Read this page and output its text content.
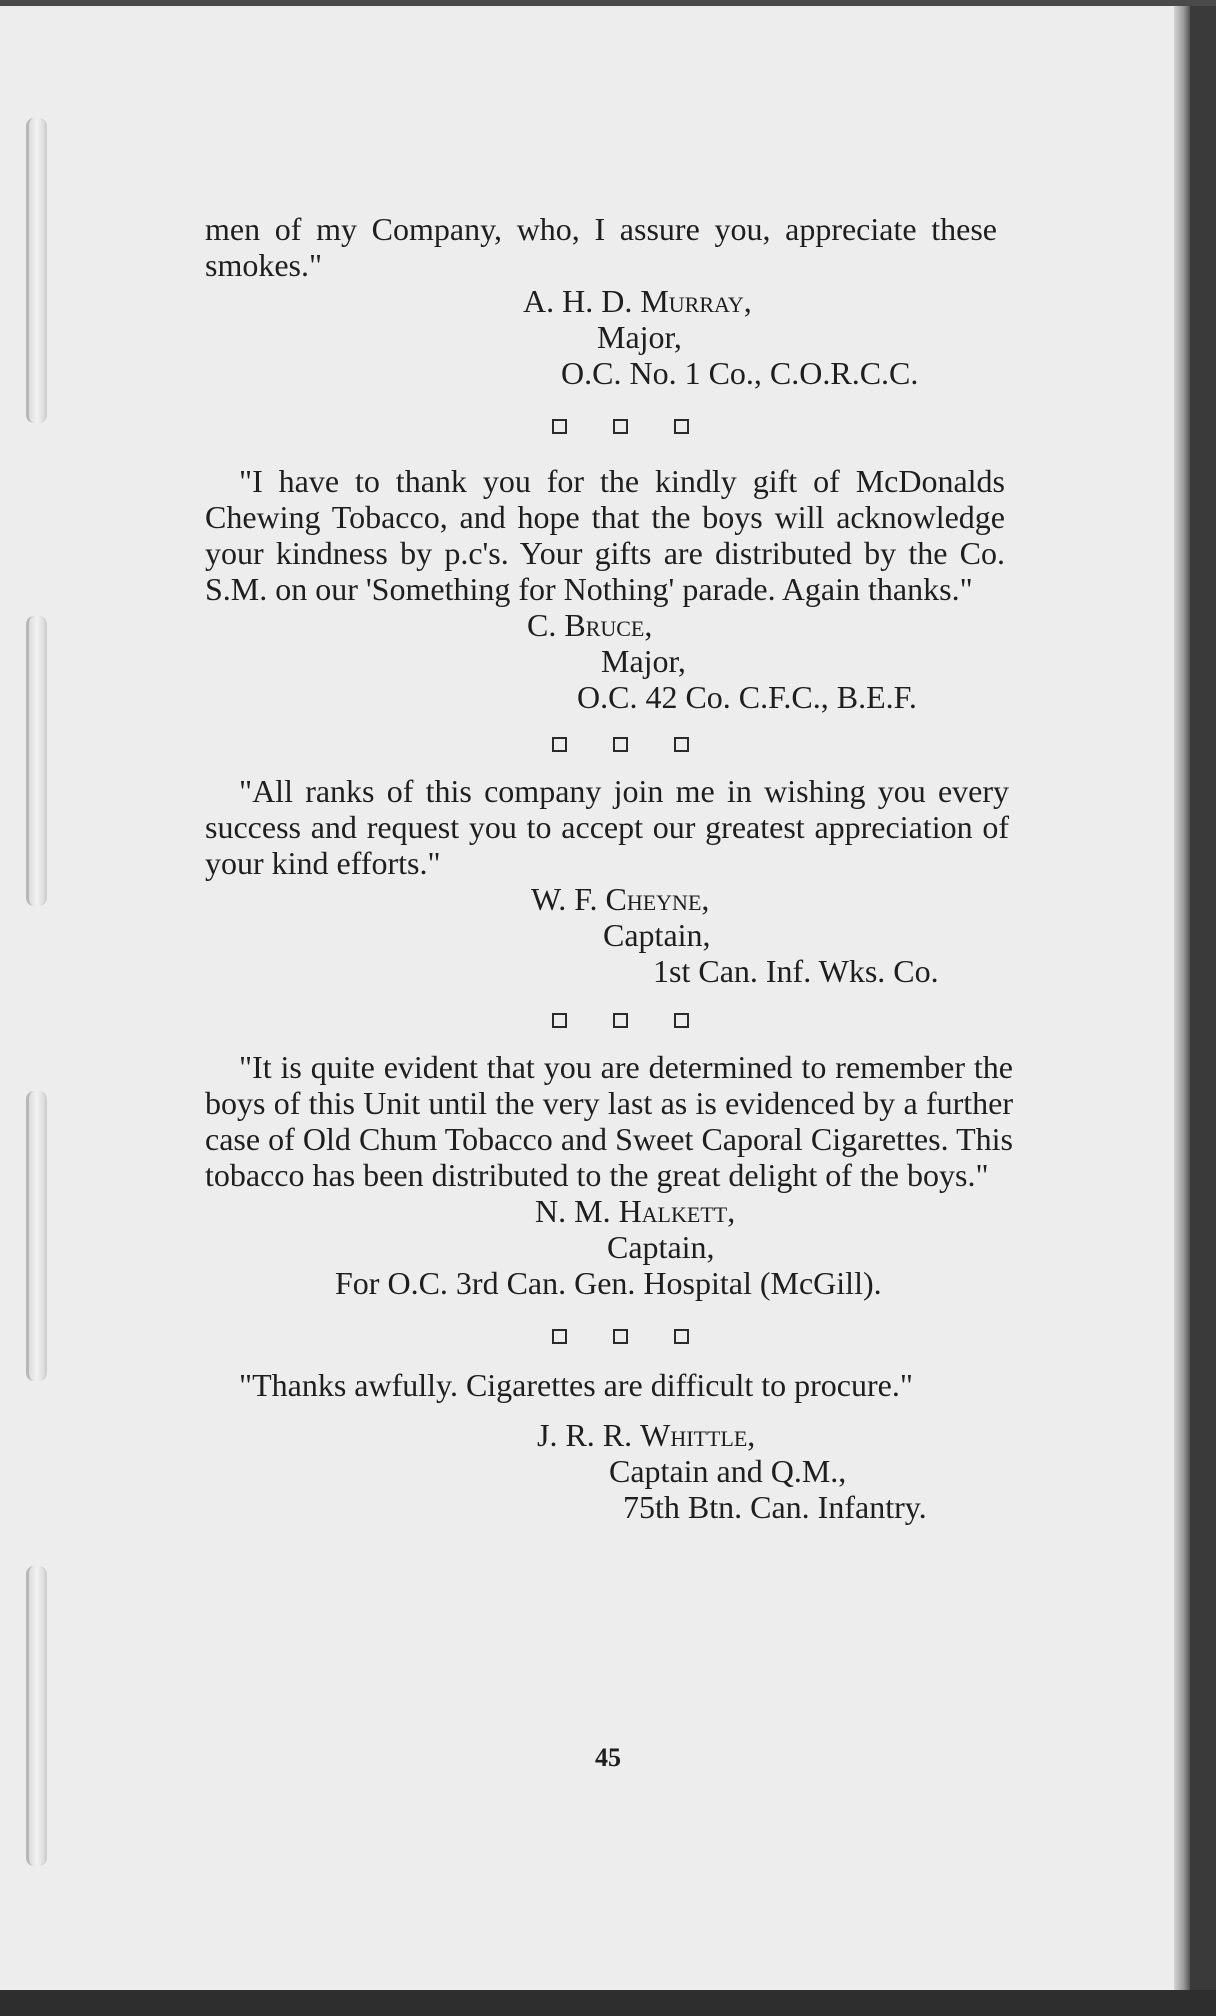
men of my Company, who, I assure you, appreciate these smokes."

A. H. D. Murray,

Major,

O.C. No. 1 Co., C.O.R.C.C.

"I have to thank you for the kindly gift of McDonalds Chewing Tobacco, and hope that the boys will acknowledge your kindness by p.c's. Your gifts are distributed by the Co. S.M. on our 'Something for Nothing' parade. Again thanks."

C. Bruce,

Major,

O.C. 42 Co. C.F.C., B.E.F.

"All ranks of this company join me in wishing you every success and request you to accept our greatest appreciation of your kind efforts."

W. F. Cheyne,

Captain,

1st Can. Inf. Wks. Co.

"It is quite evident that you are determined to remember the boys of this Unit until the very last as is evidenced by a further case of Old Chum Tobacco and Sweet Caporal Cigarettes. This tobacco has been distributed to the great delight of the boys."

N. M. Halkett,

Captain,

For O.C. 3rd Can. Gen. Hospital (McGill).

"Thanks awfully. Cigarettes are difficult to procure."

J. R. R. Whittle,

Captain and Q.M.,

75th Btn. Can. Infantry.

45
